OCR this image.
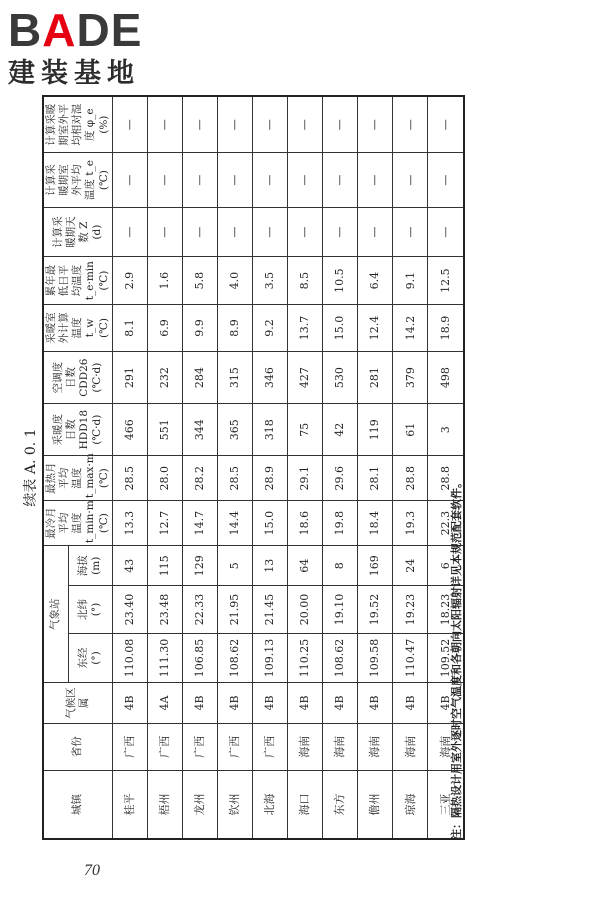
BADE
建装基地
续表 A. 0. 1
城镇	省份	气候区属	气象站			最冷月 平均 温度 t_min·m (℃)	最热月 平均 温度 t_max·m (℃)	采暖度 日数 HDD18 (℃·d)	空调度 日数 CDD26 (℃·d)	采暖室 外计算 温度 t_w (℃)	累年最 低日平 均温度 t_e·min (℃)	计算采 暖期天 数 Z (d)	计算采 暖期室 外平均 温度 t_e (℃)	计算采暖 期室外平 均相对湿 度 φ_e (%)

			东经 (°)	北纬 (°)	海拔 (m)									

桂平	广西	4B	110.08	23.40	43	13.3	28.5	466	291	8.1	2.9	—	—	—
梧州	广西	4A	111.30	23.48	115	12.7	28.0	551	232	6.9	1.6	—	—	—
龙州	广西	4B	106.85	22.33	129	14.7	28.2	344	284	9.9	5.8	—	—	—
钦州	广西	4B	108.62	21.95	5	14.4	28.5	365	315	8.9	4.0	—	—	—
北海	广西	4B	109.13	21.45	13	15.0	28.9	318	346	9.2	3.5	—	—	—
海口	海南	4B	110.25	20.00	64	18.6	29.1	75	427	13.7	8.5	—	—	—
东方	海南	4B	108.62	19.10	8	19.8	29.6	42	530	15.0	10.5	—	—	—
儋州	海南	4B	109.58	19.52	169	18.4	28.1	119	281	12.4	6.4	—	—	—
琼海	海南	4B	110.47	19.23	24	19.3	28.8	61	379	14.2	9.1	—	—	—
三亚	海南	4B	109.52	18.23	6	22.3	28.8	3	498	18.9	12.5	—	—	—
注：隔热设计用室外逐时空气温度和各朝向太阳辐射详见本规范配套软件。
70
